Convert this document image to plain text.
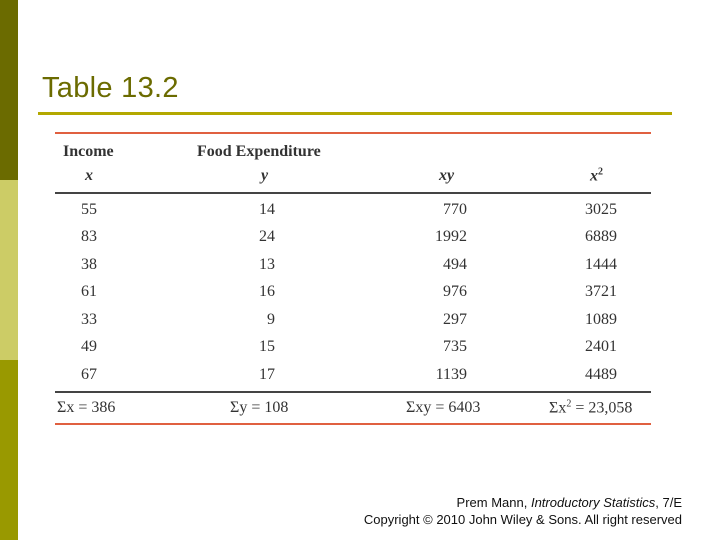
Table 13.2
Income	Food Expenditure
x	y	xy	$x^2$
55	14	770	3025
83	24	1992	6889
38	13	494	1444
61	16	976	3721
33	9	297	1089
49	15	735	2401
67	17	1139	4489
Σx = 386	Σy = 108	Σxy = 6403	$\Sigma x^2 = 23,058$
Prem Mann, Introductory Statistics, 7/E
Copyright © 2010 John Wiley & Sons. All right reserved
